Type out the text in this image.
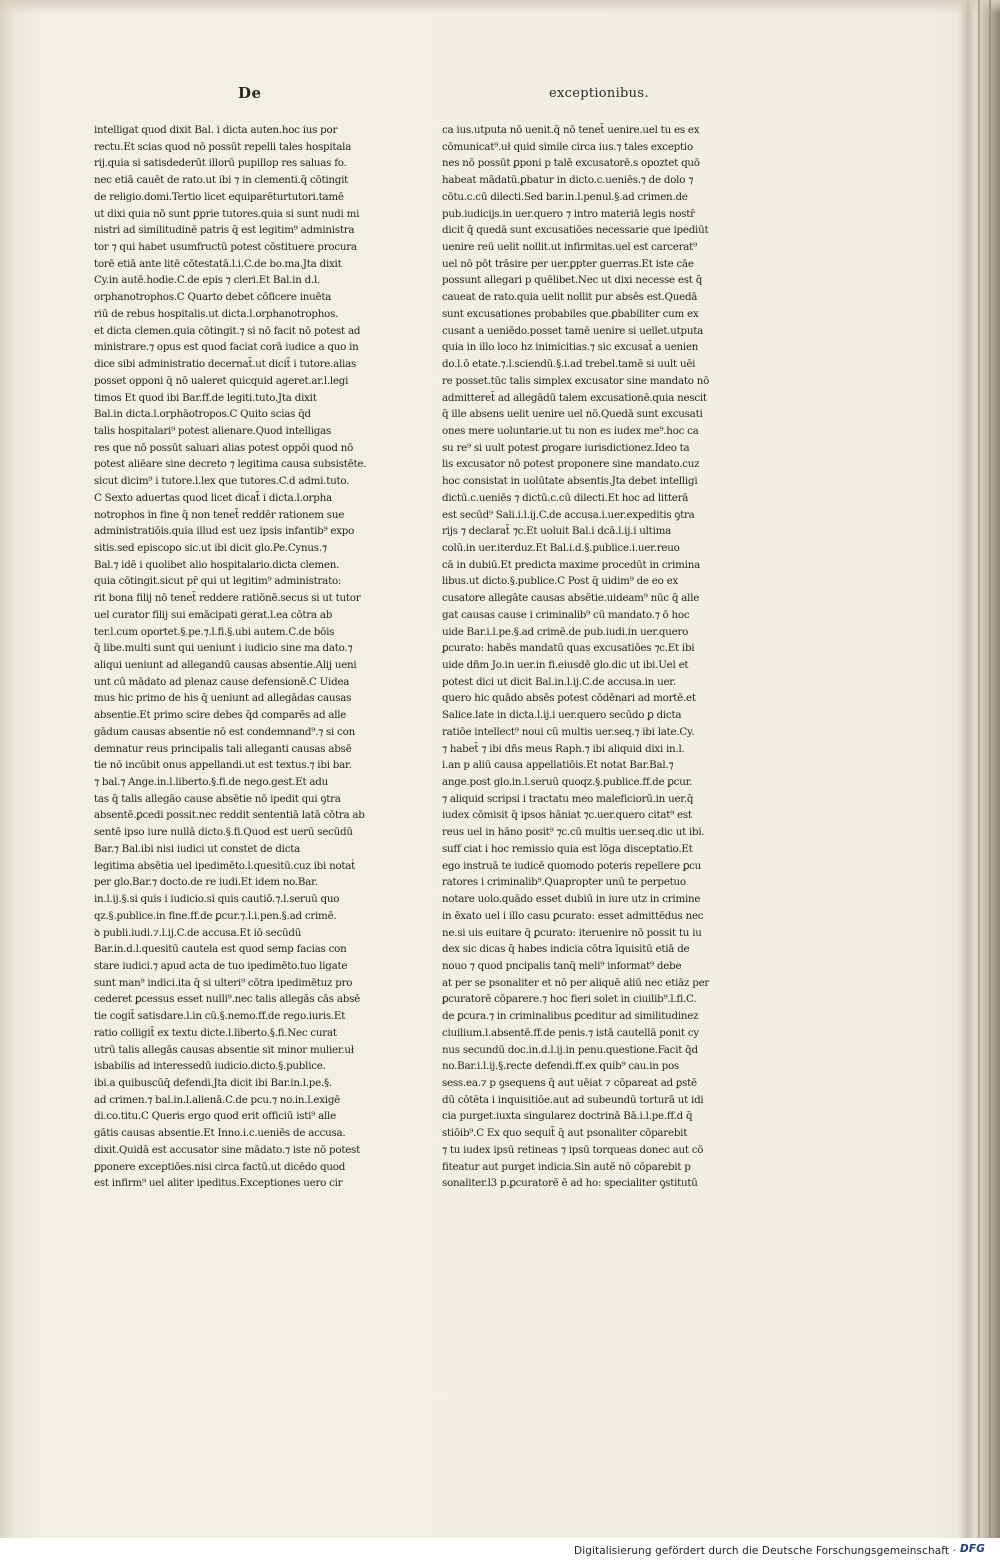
De	exceptionibus.
intelligat quod dixit Bal. i dicta auten.hoc ius por
rectu.Et scias quod nō possūt repelli tales hospitala
rij.quia si satisdederūt illorū pupillop res saluas fo.
nec etiā cauēt de rato.ut ibi ⁊ in clementi.q̄ cōtingit
de religio.domi.Tertio licet equiparēturtutori.tamē
ut dixi quia nō sunt ꝑprie tutores.quia si sunt nudi mi
nistri ad similitudinē patris q̄ est legitim⁹ administra
tor ⁊ qui habet usumfructū potest cōstituere procura
torē etiā ante litē cōtestatā.l.i.C.de bo.ma.Jta dixit
Cy.in autē.hodie.C.de epis ⁊ cleri.Et Bal.in d.l.
orphanotrophos.C Quarto debet cōficere inuēta
riū de rebus hospitalis.ut dicta.l.orphanotrophos.
et dicta clemen.quia cōtingit.⁊ si nō facit nō potest ad
ministrare.⁊ opus est quod faciat corā iudice a quo in
dice sibi administratio decernat̄.ut dicit̄ i tutore.alias
posset opponi q̄ nō ualeret quicquid ageret.ar.l.legi
timos Et quod ibi Bar.ff.de legiti.tuto.Jta dixit
Bal.in dicta.l.orphāotropos.C Quito scias q̄d
talis hospitalari⁹ potest alienare.Quod intelligas
res que nō possūt saluari alias potest oppōi quod nō
potest aliēare sine decreto ⁊ legitima causa subsistēte.
sicut dicim⁹ i tutore.l.lex que tutores.C.d admi.tuto.
C Sexto aduertas quod licet dicat̄ i dicta.l.orpha
notrophos in fine q̄ non tenet̄ reddēr rationem sue
administratiōis.quia illud est uez ipsis infantib⁹ expo
sitis.sed episcopo sic.ut ibi dicit glo.Pe.Cynus.⁊
Bal.⁊ idē i quolibet alio hospitalario.dicta clemen.
quia cōtingit.sicut pr̄ qui ut legitim⁹ administrato:
rit bona filij nō tenet̄ reddere ratiōnē.secus si ut tutor
uel curator filij sui emācipati gerat.l.ea cōtra ab
ter.l.cum oportet.§.pe.⁊.l.fi.§.ubi autem.C.de bōis
q̄ libe.multi sunt qui ueniunt i iudicio sine ma dato.⁊
aliqui ueniunt ad allegandū causas absentie.Alij ueni
unt cū mādato ad plenaz cause defensionē.C Uidea
mus hic primo de his q̄ ueniunt ad allegādas causas
absentie.Et primo scire debes q̄d comparēs ad alle
gādum causas absentie nō est condemnand⁹.⁊ si con
demnatur reus principalis tali alleganti causas absē
tie nō incūbit onus appellandi.ut est textus.⁊ ibi bar.
⁊ bal.⁊ Ange.in.l.liberto.§.fi.de nego.gest.Et adu
tas q̄ talis allegāo cause absētie nō ipedit qui ꝯtra
absentē.ꝑcedi possit.nec reddit sententiā latā cōtra ab
sentē ipso iure nullā dicto.§.fi.Quod est uerū secūdū
Bar.⁊ Bal.ibi nisi iudici ut constet de dicta
legitima absētia uel ipedimēto.l.quesitū.cuz ibi notaṫ
per glo.Bar.⁊ docto.de re iudi.Et idem no.Bar.
in.l.ij.§.si quis i iudicio.si quis cautiō.⁊.l.seruū quo
qz.§.publice.in fine.ff.de ꝑcur.⁊.l.i.pen.§.ad crimē.
ꝺ publi.iudi.⁊.l.ij.C.de accusa.Et iō secūdū
Bar.in.d.l.quesitū cautela est quod semp facias con
stare iudici.⁊ apud acta de tuo ipedimēto.tuo ligate
sunt man⁹ indici.ita q̄ si ulteri⁹ cōtra ipedimētuz pro
cederet ꝑcessus esset nulli⁹.nec talis allegās cās absē
tie cogit̄ satisdare.l.in cū.§.nemo.ff.de rego.iuris.Et
ratio colligit̄ ex textu dicte.l.liberto.§.fi.Nec curat
utrū talis allegās causas absentie sit minor mulier.uł
isbabilis ad interessedū iudicio.dicto.§.publice.
ibi.a quibuscūq̄ defendi.Jta dicit ibi Bar.in.l.pe.§.
ad crimen.⁊ bal.in.l.alienā.C.de pcu.⁊ no.in.l.exigē
di.co.titu.C Queris ergo quod erit officiū isti⁹ alle
gātis causas absentie.Et Inno.i.c.ueniēs de accusa.
dixit.Quidā est accusator sine mādato.⁊ iste nō potest
ꝑponere exceptiōes.nisi circa factū.ut dicēdo quod
est infirm⁹ uel aliter ipeditus.Exceptiones uero cir
ca ius.utputa nō uenit.q̄ nō tenet̄ uenire.uel tu es ex
cōmunicat⁹.uł quid simile circa ius.⁊ tales exceptio
nes nō possūt ꝑponi p talē excusatorē.s opoztet quō
habeat mādatū.ꝑbatur in dicto.c.ueniēs.⁊ de dolo ⁊
cōtu.c.cū dilecti.Sed bar.in.l.penul.§.ad crimen.de
pub.iudicijs.in uer.quero ⁊ intro materiā legis nostr̄
dicit q̄ quedā sunt excusatiōes necessarie que ipediūt
uenire reū uelit nollit.ut infirmitas.uel est carcerat⁹
uel nō pōt trāsire per uer.ꝑpter guerras.Et iste cāe
possunt allegari p quēlibet.Nec ut dixi necesse est q̄
caueat de rato.quia uelit nollit pur absēs est.Quedā
sunt excusationes probabiles que.ꝑbabiliter cum ex
cusant a ueniēdo.posset tamē uenire si uellet.utputa
quia in illo loco hz inimicitias.⁊ sic excusat̄ a uenien
do.l.ō etate.⁊.l.sciendū.§.i.ad trebel.tamē si uult uēi
re posset.tūc talis simplex excusator sine mandato nō
admitteret̄ ad allegādū talem excusationē.quia nescit
q̄ ille absens uelit uenire uel nō.Quedā sunt excusati
ones mere uoluntarie.ut tu non es iudex me⁹.hoc ca
su re⁹ si uult potest ꝑrogare iurisdictionez.Ideo ta
lis excusator nō potest proponere sine mandato.cuz
hoc consistat in uolūtate absentis.Jta debet intelligi
dictū.c.ueniēs ⁊ dictū.c.cū dilecti.Et hoc ad litterā
est secūd⁹ Sali.i.l.ij.C.de accusa.i.uer.expeditis ꝯtra
rijs ⁊ declarat̄ ⁊c.Et uoluit Bal.i dcā.l.ij.i ultima
colū.in uer.iterduz.Et Bal.i.d.§.publice.i.uer.reuo
cā in dubiū.Et predicta maxime procedūt in crimina
libus.ut dicto.§.publice.C Post q̄ uidim⁹ de eo ex
cusatore allegāte causas absētie.uideam⁹ nūc q̄ alle
gat causas cause i criminalib⁹ cū mandato.⁊ ō hoc
uide Bar.i.l.pe.§.ad crimē.de pub.iudi.in uer.quero
ꝑcurato: habēs mandatū quas excusatiōes ⁊c.Et ibi
uide dñm Jo.in uer.in fi.eiusdē glo.dic ut ibi.Uel et
potest dici ut dicit Bal.in.l.ij.C.de accusa.in uer.
quero hic quādo absēs potest cōdēnari ad mortē.et
Salice.late in dicta.l.ij.i uer.quero secūdo ꝑ dicta
ratiōe intellect⁹ noui cū multis uer.seq.⁊ ibi late.Cy.
⁊ habet̄ ⁊ ibi dñs meus Raph.⁊ ibi aliquid dixi in.l.
i.an p aliū causa appellatiōis.Et notat Bar.Bal.⁊
ange.post glo.in.l.seruū quoqz.§.publice.ff.de ꝑcur.
⁊ aliquid scripsi i tractatu meo maleficiorū.in uer.q̄
iudex cōmisit q̄ ipsos hāniat ⁊c.uer.quero citat⁹ est
reus uel in hāno posit⁹ ⁊c.cū multis uer.seq.dic ut ibi.
suff ciat i hoc remissio quia est lōga disceptatio.Et
ego instruā te iudicē quomodo poteris repellere ꝑcu
ratores i criminalib⁹.Quapropter unū te perpetuo
notare uolo.quādo esset dubiū in iure utz in crimine
in ēxato uel i illo casu ꝑcurato: esset admittēdus nec
ne.si uis euitare q̄ ꝑcurato: iteruenire nō possit tu iu
dex sic dicas q̄ habes indicia cōtra īquisitū etiā de
nouo ⁊ quod pncipalis tanq̄ meli⁹ informat⁹ debe
at per se psonaliter et nō per aliquē aliū nec etiāz per
ꝑcuratorē cōparere.⁊ hoc fieri solet in ciuilib⁹.l.fi.C.
de ꝑcura.⁊ in criminalibus ꝑceditur ad similitudinez
ciuilium.l.absentē.ff.de penis.⁊ istā cautellā ponit cy
nus secundū doc.in.d.l.ij.in penu.questione.Facit q̄d
no.Bar.i.l.ij.§.recte defendi.ff.ex quib⁹ cau.in pos
sess.ea.⁊ p ꝯsequens q̄ aut uēiat ⁊ cōpareat ad ꝑstē
dū cōtēta i inquisitiōe.aut ad subeundū torturā ut idi
cia purget.iuxta singularez doctrinā Bā.i.l.pe.ff.d q̄
stiōib⁹.C Ex quo sequit̄ q̄ aut psonaliter cōparebit
⁊ tu iudex ipsū retineas ⁊ ipsū torqueas donec aut cō
fiteatur aut purget indicia.Sin autē nō cōparebit p
sonaliter.l3 p.ꝑcuratorē ē ad ho: specialiter ꝯstitutū
Digitalisierung gefördert durch die Deutsche Forschungsgemeinschaft · DFG
